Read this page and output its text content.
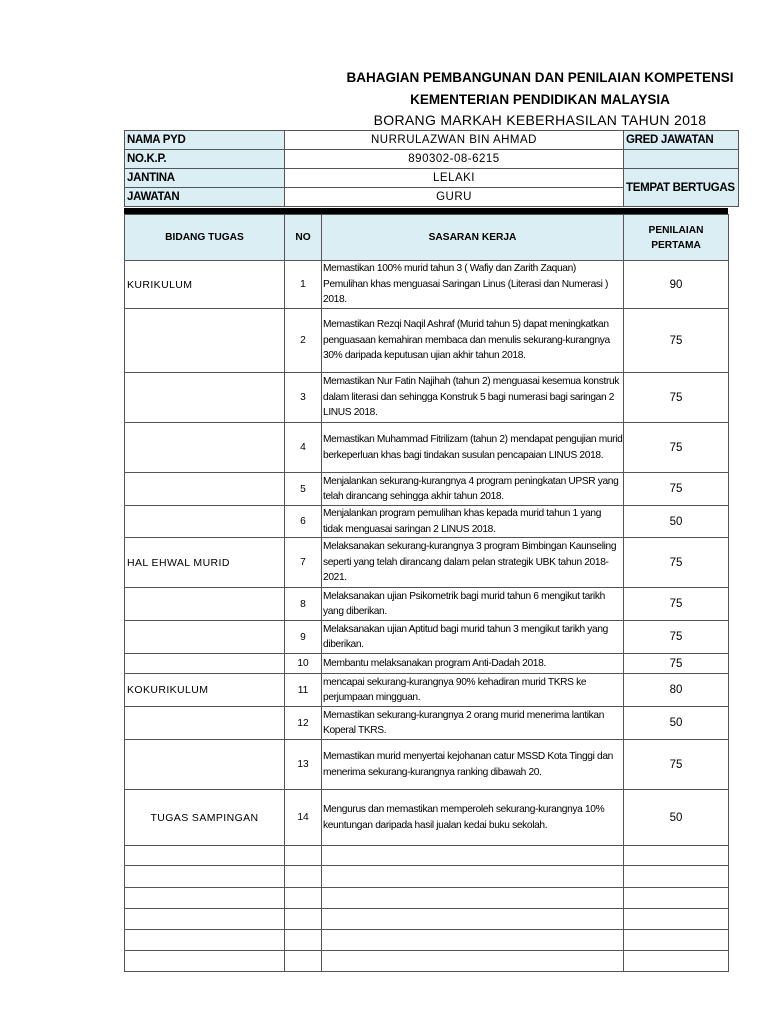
BAHAGIAN PEMBANGUNAN DAN PENILAIAN KOMPETENSI
KEMENTERIAN PENDIDIKAN MALAYSIA
BORANG MARKAH KEBERHASILAN TAHUN 2018
NAMA PYD	NURRULAZWAN BIN AHMAD	GRED JAWATAN
NO.K.P.	890302-08-6215	
JANTINA	LELAKI	TEMPAT BERTUGAS
JAWATAN	GURU	
BIDANG TUGAS	NO	SASARAN KERJA	PENILAIAN PERTAMA
KURIKULUM	1	Memastikan 100% murid tahun 3 ( Wafiy dan Zarith Zaquan) Pemulihan khas menguasai Saringan Linus (Literasi dan Numerasi ) 2018.	90
	2	Memastikan Rezqi Naqil Ashraf (Murid tahun 5) dapat meningkatkan penguasaan kemahiran membaca dan menulis sekurang-kurangnya 30% daripada keputusan ujian akhir tahun 2018.	75
	3	Memastikan Nur Fatin Najihah (tahun 2) menguasai kesemua konstruk dalam literasi dan sehingga Konstruk 5 bagi numerasi bagi saringan 2 LINUS 2018.	75
	4	Memastikan Muhammad Fitrilizam (tahun 2) mendapat pengujian murid berkeperluan khas bagi tindakan susulan pencapaian LINUS 2018.	75
	5	Menjalankan sekurang-kurangnya 4 program peningkatan UPSR yang telah dirancang sehingga akhir tahun 2018.	75
	6	Menjalankan program pemulihan khas kepada murid tahun 1 yang tidak menguasai saringan 2 LINUS 2018.	50
HAL EHWAL MURID	7	Melaksanakan sekurang-kurangnya 3 program Bimbingan Kaunseling seperti yang telah dirancang dalam pelan strategik UBK tahun 2018-2021.	75
	8	Melaksanakan ujian Psikometrik bagi murid tahun 6 mengikut tarikh yang diberikan.	75
	9	Melaksanakan ujian Aptitud bagi murid tahun 3 mengikut tarikh yang diberikan.	75
	10	Membantu melaksanakan program Anti-Dadah 2018.	75
KOKURIKULUM	11	mencapai sekurang-kurangnya 90% kehadiran murid TKRS ke perjumpaan mingguan.	80
	12	Memastikan sekurang-kurangnya 2 orang murid menerima lantikan Koperal TKRS.	50
	13	Memastikan murid menyertai kejohanan catur MSSD Kota Tinggi dan menerima sekurang-kurangnya ranking dibawah 20.	75
TUGAS SAMPINGAN	14	Mengurus dan memastikan memperoleh sekurang-kurangnya 10% keuntungan daripada hasil jualan kedai buku sekolah.	50
